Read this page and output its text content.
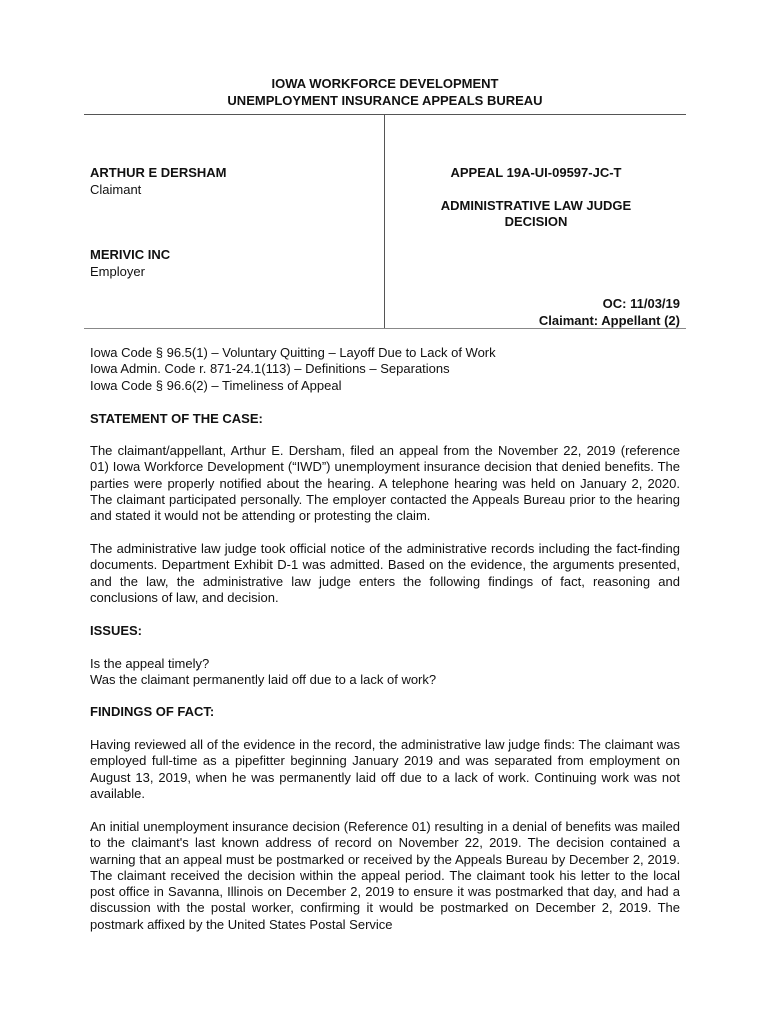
IOWA WORKFORCE DEVELOPMENT
UNEMPLOYMENT INSURANCE APPEALS BUREAU
ARTHUR E DERSHAM
Claimant
MERIVIC INC
Employer
APPEAL 19A-UI-09597-JC-T
ADMINISTRATIVE LAW JUDGE
DECISION
OC: 11/03/19
Claimant: Appellant (2)

Iowa Code § 96.5(1) – Voluntary Quitting – Layoff Due to Lack of Work

Iowa Admin. Code r. 871-24.1(113) – Definitions – Separations

Iowa Code § 96.6(2) – Timeliness of Appeal

STATEMENT OF THE CASE:
The claimant/appellant, Arthur E. Dersham, filed an appeal from the November 22, 2019 (reference 01) Iowa Workforce Development (“IWD”) unemployment insurance decision that denied benefits. The parties were properly notified about the hearing. A telephone hearing was held on January 2, 2020. The claimant participated personally. The employer contacted the Appeals Bureau prior to the hearing and stated it would not be attending or protesting the claim.
The administrative law judge took official notice of the administrative records including the fact-finding documents. Department Exhibit D-1 was admitted. Based on the evidence, the arguments presented, and the law, the administrative law judge enters the following findings of fact, reasoning and conclusions of law, and decision.
ISSUES:

Is the appeal timely?

Was the claimant permanently laid off due to a lack of work?

FINDINGS OF FACT:
Having reviewed all of the evidence in the record, the administrative law judge finds: The claimant was employed full-time as a pipefitter beginning January 2019 and was separated from employment on August 13, 2019, when he was permanently laid off due to a lack of work. Continuing work was not available.
An initial unemployment insurance decision (Reference 01) resulting in a denial of benefits was mailed to the claimant's last known address of record on November 22, 2019. The decision contained a warning that an appeal must be postmarked or received by the Appeals Bureau by December 2, 2019. The claimant received the decision within the appeal period. The claimant took his letter to the local post office in Savanna, Illinois on December 2, 2019 to ensure it was postmarked that day, and had a discussion with the postal worker, confirming it would be postmarked on December 2, 2019. The postmark affixed by the United States Postal Service
